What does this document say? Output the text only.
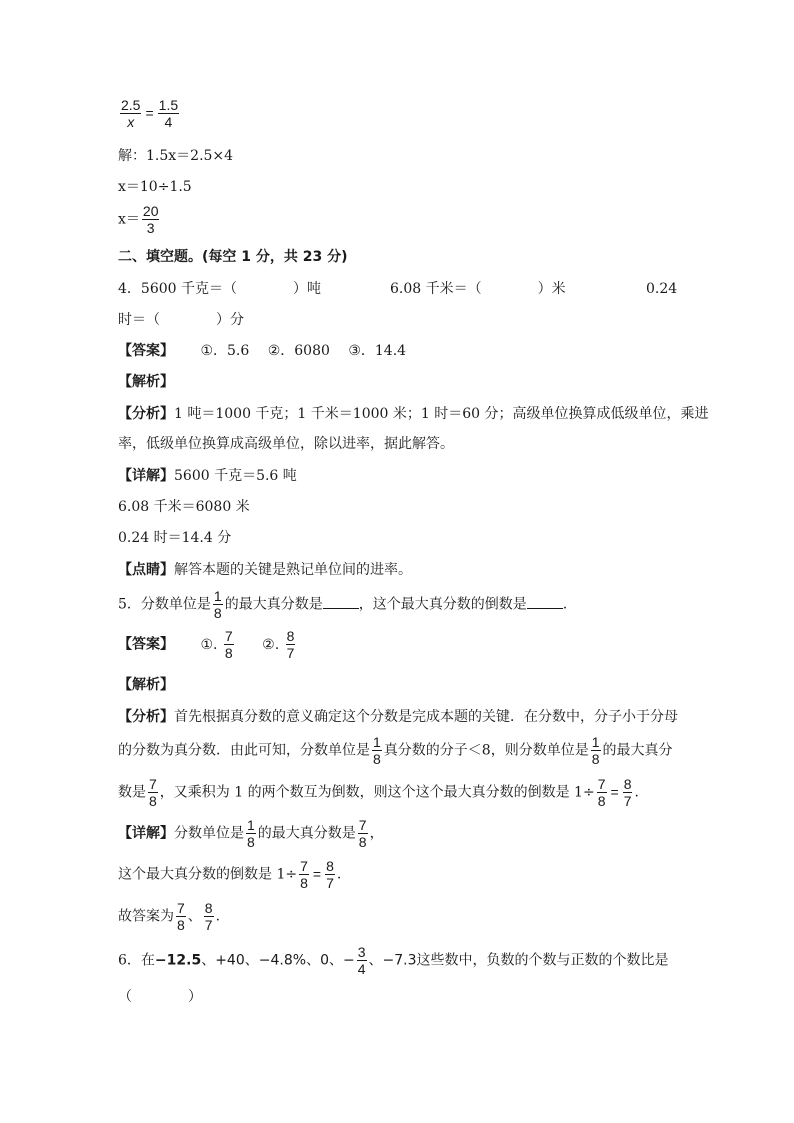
$\frac{2.5}{x} = \frac{1.5}{4}$
解：1.5x＝2.5×4
x＝10÷1.5
$x= \frac{20}{3}$
二、填空题。(每空 1 分，共 23 分)
4．5600 千克＝（　　　　）吨	6.08 千米＝（　　　　）米	0.24
时＝（　　　　）分
【答案】 ①．5.6　 ②．6080　 ③．14.4
【解析】
【分析】1 吨＝1000 千克；1 千米＝1000 米；1 时＝60 分；高级单位换算成低级单位，乘进
率，低级单位换算成高级单位，除以进率，据此解答。
【详解】5600 千克＝5.6 吨
6.08 千米＝6080 米
0.24 时＝14.4 分
【点睛】解答本题的关键是熟记单位间的进率。
5．分数单位是 $\frac{1}{8}$ 的最大真分数是	，这个最大真分数的倒数是	.
【答案】 ①. $\frac{7}{8}$ ②. $\frac{8}{7}$
【解析】
【分析】首先根据真分数的意义确定这个分数是完成本题的关键．在分数中，分子小于分母
的分数为真分数．由此可知，分数单位是 $\frac{1}{8}$ 真分数的分子＜8，则分数单位是 $\frac{1}{8}$ 的最大真分
数是 $\frac{7}{8}$ ，又乘积为 1 的两个数互为倒数，则这个这个最大真分数的倒数是 $1\div \frac{7}{8} = \frac{8}{7}$ .
【详解】分数单位是 $\frac{1}{8}$ 的最大真分数是 $\frac{7}{8}$ ，
这个最大真分数的倒数是 $1\div \frac{7}{8} = \frac{8}{7}$ .
故答案为 $\frac{7}{8}$ 、 $\frac{8}{7}$ .
6．在−12.5、+40、−4.8%、0、− $\frac{3}{4}$ 、−7.3这些数中，负数的个数与正数的个数比是
（　　　　）
